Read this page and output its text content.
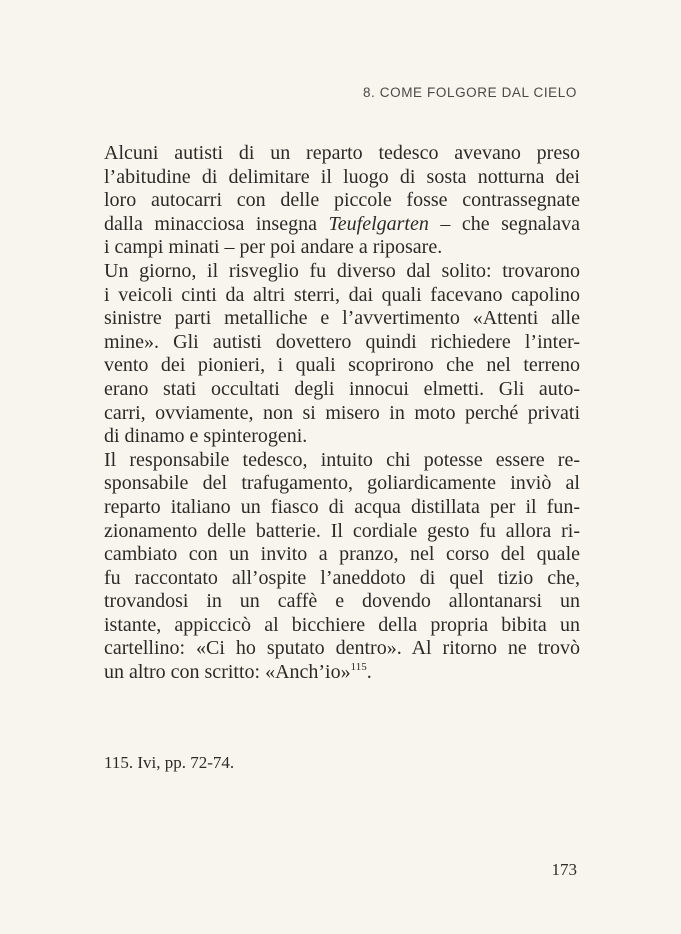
8. COME FOLGORE DAL CIELO
Alcuni autisti di un reparto tedesco avevano preso
l’abitudine di delimitare il luogo di sosta notturna dei
loro autocarri con delle piccole fosse contrassegnate
dalla minacciosa insegna Teufelgarten – che segnalava
i campi minati – per poi andare a riposare.
Un giorno, il risveglio fu diverso dal solito: trovarono
i veicoli cinti da altri sterri, dai quali facevano capolino
sinistre parti metalliche e l’avvertimento «Attenti alle
mine». Gli autisti dovettero quindi richiedere l’inter-
vento dei pionieri, i quali scoprirono che nel terreno
erano stati occultati degli innocui elmetti. Gli auto-
carri, ovviamente, non si misero in moto perché privati
di dinamo e spinterogeni.
Il responsabile tedesco, intuito chi potesse essere re-
sponsabile del trafugamento, goliardicamente inviò al
reparto italiano un fiasco di acqua distillata per il fun-
zionamento delle batterie. Il cordiale gesto fu allora ri-
cambiato con un invito a pranzo, nel corso del quale
fu raccontato all’ospite l’aneddoto di quel tizio che,
trovandosi in un caffè e dovendo allontanarsi un
istante, appiccicò al bicchiere della propria bibita un
cartellino: «Ci ho sputato dentro». Al ritorno ne trovò
un altro con scritto: «Anch’io»$^{115}$.
115. Ivi, pp. 72-74.
173
